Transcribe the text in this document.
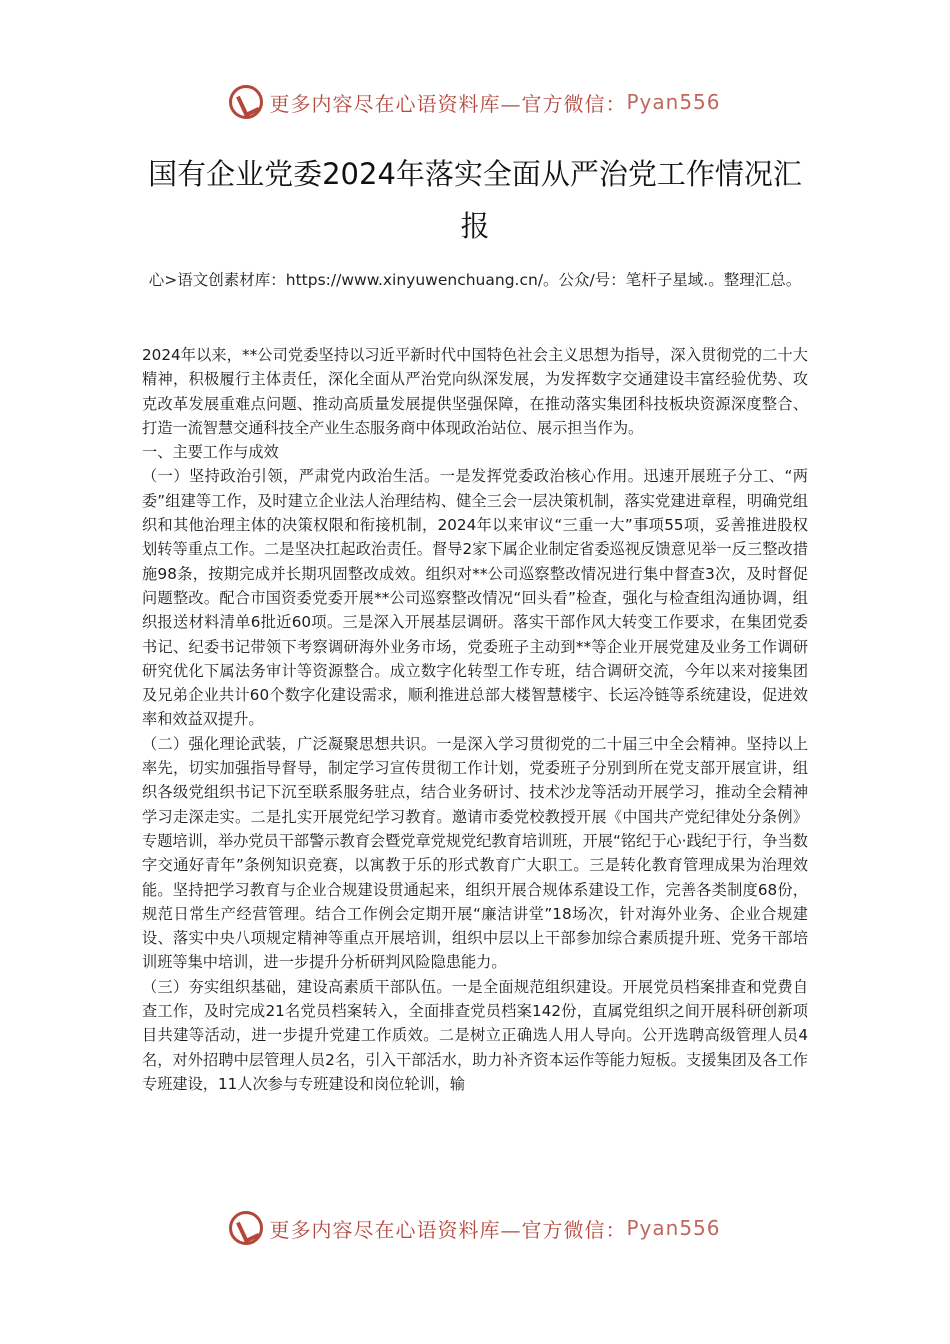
更多内容尽在心语资料库—官方微信： Pyan556
国有企业党委2024年落实全面从严治党工作情况汇报
心>语文创素材库：https://www.xinyuwenchuang.cn/。公众/号：笔杆子星域.。整理汇总。

2024年以来，**公司党委坚持以习近平新时代中国特色社会主义思想为指导，深入贯彻党的二十大精神，积极履行主体责任，深化全面从严治党向纵深发展，为发挥数字交通建设丰富经验优势、攻克改革发展重难点问题、推动高质量发展提供坚强保障，在推动落实集团科技板块资源深度整合、打造一流智慧交通科技全产业生态服务商中体现政治站位、展示担当作为。

一、主要工作与成效

（一）坚持政治引领，严肃党内政治生活。一是发挥党委政治核心作用。迅速开展班子分工、“两委”组建等工作，及时建立企业法人治理结构、健全三会一层决策机制，落实党建进章程，明确党组织和其他治理主体的决策权限和衔接机制，2024年以来审议“三重一大”事项55项，妥善推进股权划转等重点工作。二是坚决扛起政治责任。督导2家下属企业制定省委巡视反馈意见举一反三整改措施98条，按期完成并长期巩固整改成效。组织对**公司巡察整改情况进行集中督查3次，及时督促问题整改。配合市国资委党委开展**公司巡察整改情况“回头看”检查，强化与检查组沟通协调，组织报送材料清单6批近60项。三是深入开展基层调研。落实干部作风大转变工作要求，在集团党委书记、纪委书记带领下考察调研海外业务市场，党委班子主动到**等企业开展党建及业务工作调研研究优化下属法务审计等资源整合。成立数字化转型工作专班，结合调研交流，今年以来对接集团及兄弟企业共计60个数字化建设需求，顺利推进总部大楼智慧楼宇、长运冷链等系统建设，促进效率和效益双提升。

（二）强化理论武装，广泛凝聚思想共识。一是深入学习贯彻党的二十届三中全会精神。坚持以上率先，切实加强指导督导，制定学习宣传贯彻工作计划，党委班子分别到所在党支部开展宣讲，组织各级党组织书记下沉至联系服务驻点，结合业务研讨、技术沙龙等活动开展学习，推动全会精神学习走深走实。二是扎实开展党纪学习教育。邀请市委党校教授开展《中国共产党纪律处分条例》专题培训，举办党员干部警示教育会暨党章党规党纪教育培训班，开展“铭纪于心·践纪于行，争当数字交通好青年”条例知识竞赛，以寓教于乐的形式教育广大职工。三是转化教育管理成果为治理效能。坚持把学习教育与企业合规建设贯通起来，组织开展合规体系建设工作，完善各类制度68份，规范日常生产经营管理。结合工作例会定期开展“廉洁讲堂”18场次，针对海外业务、企业合规建设、落实中央八项规定精神等重点开展培训，组织中层以上干部参加综合素质提升班、党务干部培训班等集中培训，进一步提升分析研判风险隐患能力。

（三）夯实组织基础，建设高素质干部队伍。一是全面规范组织建设。开展党员档案排查和党费自查工作，及时完成21名党员档案转入，全面排查党员档案142份，直属党组织之间开展科研创新项目共建等活动，进一步提升党建工作质效。二是树立正确选人用人导向。公开选聘高级管理人员4名，对外招聘中层管理人员2名，引入干部活水，助力补齐资本运作等能力短板。支援集团及各工作专班建设，11人次参与专班建设和岗位轮训，输

更多内容尽在心语资料库—官方微信： Pyan556
